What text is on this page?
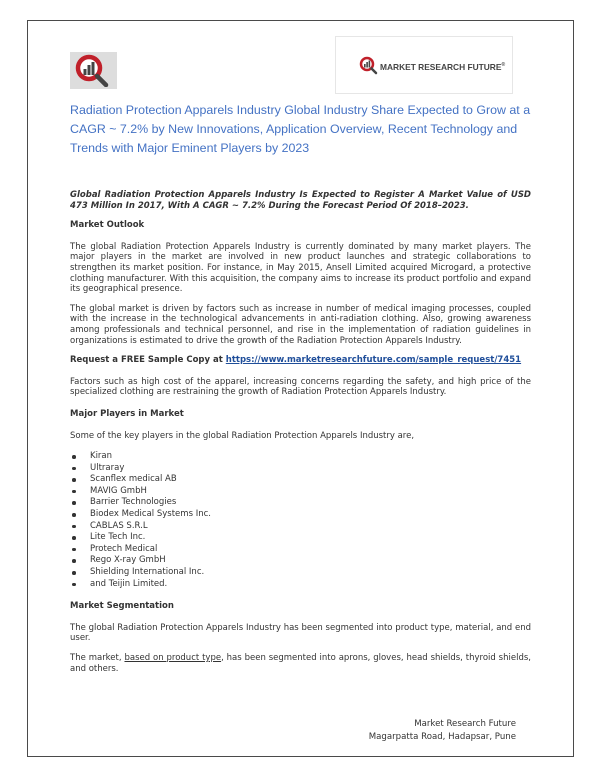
MARKET RESEARCH FUTURE®
Radiation Protection Apparels Industry Global Industry Share Expected to Grow at a CAGR ~ 7.2% by New Innovations, Application Overview, Recent Technology and Trends with Major Eminent Players by 2023

Global Radiation Protection Apparels Industry Is Expected to Register A Market Value of USD 473 Million In 2017, With A CAGR ~ 7.2% During the Forecast Period Of 2018–2023.

Market Outlook

The global Radiation Protection Apparels Industry is currently dominated by many market players. The major players in the market are involved in new product launches and strategic collaborations to strengthen its market position. For instance, in May 2015, Ansell Limited acquired Microgard, a protective clothing manufacturer. With this acquisition, the company aims to increase its product portfolio and expand its geographical presence.

The global market is driven by factors such as increase in number of medical imaging processes, coupled with the increase in the technological advancements in anti-radiation clothing. Also, growing awareness among professionals and technical personnel, and rise in the implementation of radiation guidelines in organizations is estimated to drive the growth of the Radiation Protection Apparels Industry.

Request a FREE Sample Copy at https://www.marketresearchfuture.com/sample_request/7451

Factors such as high cost of the apparel, increasing concerns regarding the safety, and high price of the specialized clothing are restraining the growth of Radiation Protection Apparels Industry.

Major Players in Market

Some of the key players in the global Radiation Protection Apparels Industry are,

Kiran
Ultraray
Scanflex medical AB
MAVIG GmbH
Barrier Technologies
Biodex Medical Systems Inc.
CABLAS S.R.L
Lite Tech Inc.
Protech Medical
Rego X-ray GmbH
Shielding International Inc.
and Teijin Limited.

Market Segmentation

The global Radiation Protection Apparels Industry has been segmented into product type, material, and end user.

The market, based on product type, has been segmented into aprons, gloves, head shields, thyroid shields, and others.

Market Research Future
Magarpatta Road, Hadapsar, Pune
